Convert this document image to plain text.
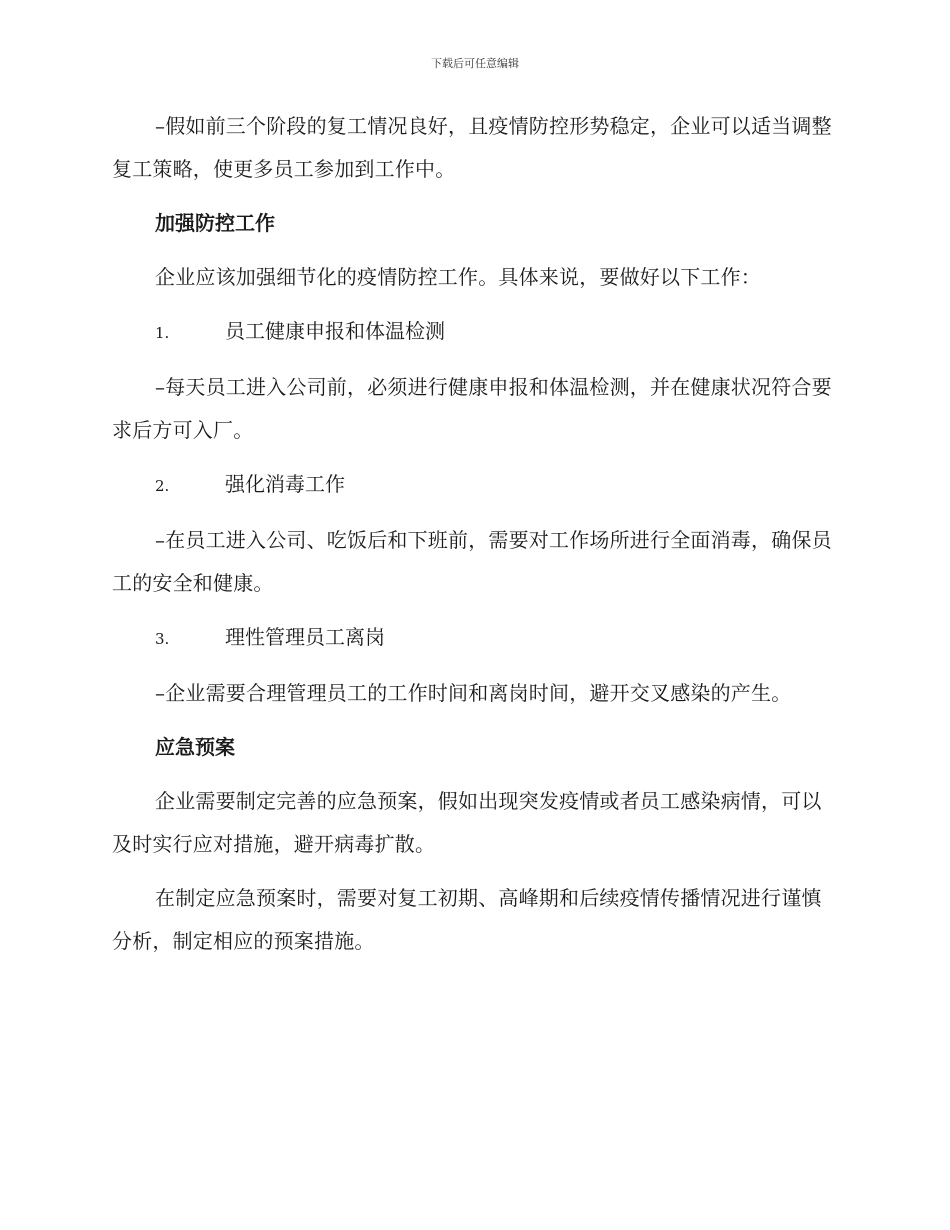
下载后可任意编辑

–假如前三个阶段的复工情况良好，且疫情防控形势稳定，企业可以适当调整复工策略，使更多员工参加到工作中。

加强防控工作

企业应该加强细节化的疫情防控工作。具体来说，要做好以下工作：

1.	员工健康申报和体温检测

–每天员工进入公司前，必须进行健康申报和体温检测，并在健康状况符合要求后方可入厂。

2.	强化消毒工作

–在员工进入公司、吃饭后和下班前，需要对工作场所进行全面消毒，确保员工的安全和健康。

3.	理性管理员工离岗

–企业需要合理管理员工的工作时间和离岗时间，避开交叉感染的产生。

应急预案

企业需要制定完善的应急预案，假如出现突发疫情或者员工感染病情，可以及时实行应对措施，避开病毒扩散。

在制定应急预案时，需要对复工初期、高峰期和后续疫情传播情况进行谨慎分析，制定相应的预案措施。
